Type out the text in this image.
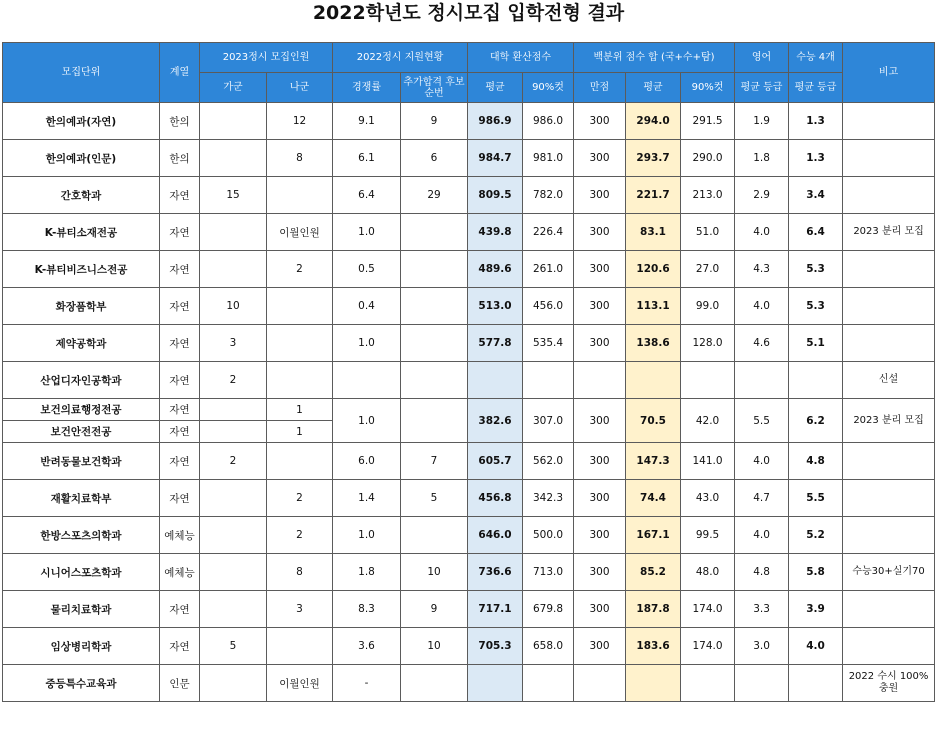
2022학년도 정시모집 입학전형 결과
모집단위	계열	2023정시 모집인원		2022정시 지원현황		대학 환산점수		백분위 점수 합 (국+수+탐)			영어	수능 4개	비고
		가군	나군	경쟁률	추가합격 후보순번	평균	90%컷	만점	평균	90%컷	평균 등급	평균 등급	
한의예과(자연)	한의		12	9.1	9	986.9	986.0	300	294.0	291.5	1.9	1.3	
한의예과(인문)	한의		8	6.1	6	984.7	981.0	300	293.7	290.0	1.8	1.3	
간호학과	자연	15		6.4	29	809.5	782.0	300	221.7	213.0	2.9	3.4	
K-뷰티소재전공	자연		이월인원	1.0		439.8	226.4	300	83.1	51.0	4.0	6.4	2023 분리 모집
K-뷰티비즈니스전공	자연		2	0.5		489.6	261.0	300	120.6	27.0	4.3	5.3	
화장품학부	자연	10		0.4		513.0	456.0	300	113.1	99.0	4.0	5.3	
제약공학과	자연	3		1.0		577.8	535.4	300	138.6	128.0	4.6	5.1	
산업디자인공학과	자연	2											신설
보건의료행정전공	자연		1	1.0		382.6	307.0	300	70.5	42.0	5.5	6.2	2023 분리 모집
보건안전전공	자연		1										
반려동물보건학과	자연	2		6.0	7	605.7	562.0	300	147.3	141.0	4.0	4.8	
재활치료학부	자연		2	1.4	5	456.8	342.3	300	74.4	43.0	4.7	5.5	
한방스포츠의학과	예체능		2	1.0		646.0	500.0	300	167.1	99.5	4.0	5.2	
시니어스포츠학과	예체능		8	1.8	10	736.6	713.0	300	85.2	48.0	4.8	5.8	수능30+실기70
물리치료학과	자연		3	8.3	9	717.1	679.8	300	187.8	174.0	3.3	3.9	
임상병리학과	자연	5		3.6	10	705.3	658.0	300	183.6	174.0	3.0	4.0	
중등특수교육과	인문		이월인원	-									2022 수시 100% 충원
